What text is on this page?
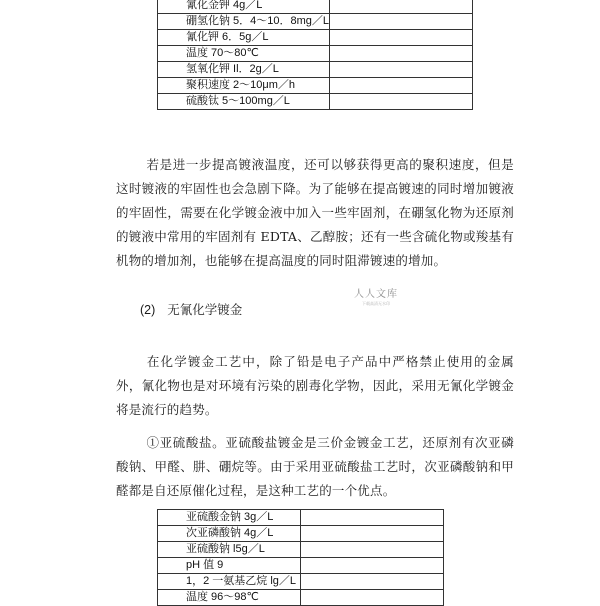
氰化金钾 4g／L	
硼氢化钠 5．4～10．8mg／L	
氰化钾 6．5g／L	
温度 70～80℃	
氢氧化钾 Il．2g／L	
聚积速度 2～10μm／h	
硫酸钛 5～100mg／L	

若是进一步提高镀液温度，还可以够获得更高的聚积速度，但是这时镀液的牢固性也会急剧下降。为了能够在提高镀速的同时增加镀液的牢固性，需要在化学镀金液中加入一些牢固剂，在硼氢化物为还原剂的镀液中常用的牢固剂有 EDTA、乙醇胺；还有一些含硫化物或羧基有机物的增加剂，也能够在提高温度的同时阻滞镀速的增加。

人人文库
下载高清无水印
(2) 无氰化学镀金

在化学镀金工艺中，除了铅是电子产品中严格禁止使用的金属外，氰化物也是对环境有污染的剧毒化学物，因此，采用无氰化学镀金将是流行的趋势。

①亚硫酸盐。亚硫酸盐镀金是三价金镀金工艺，还原剂有次亚磷酸钠、甲醛、肼、硼烷等。由于采用亚硫酸盐工艺时，次亚磷酸钠和甲醛都是自还原催化过程，是这种工艺的一个优点。

亚硫酸金钠 3g／L	
次亚磷酸钠 4g／L	
亚硫酸钠 l5g／L	
pH 值 9	
1，2 一氨基乙烷 lg／L	
温度 96～98℃	
